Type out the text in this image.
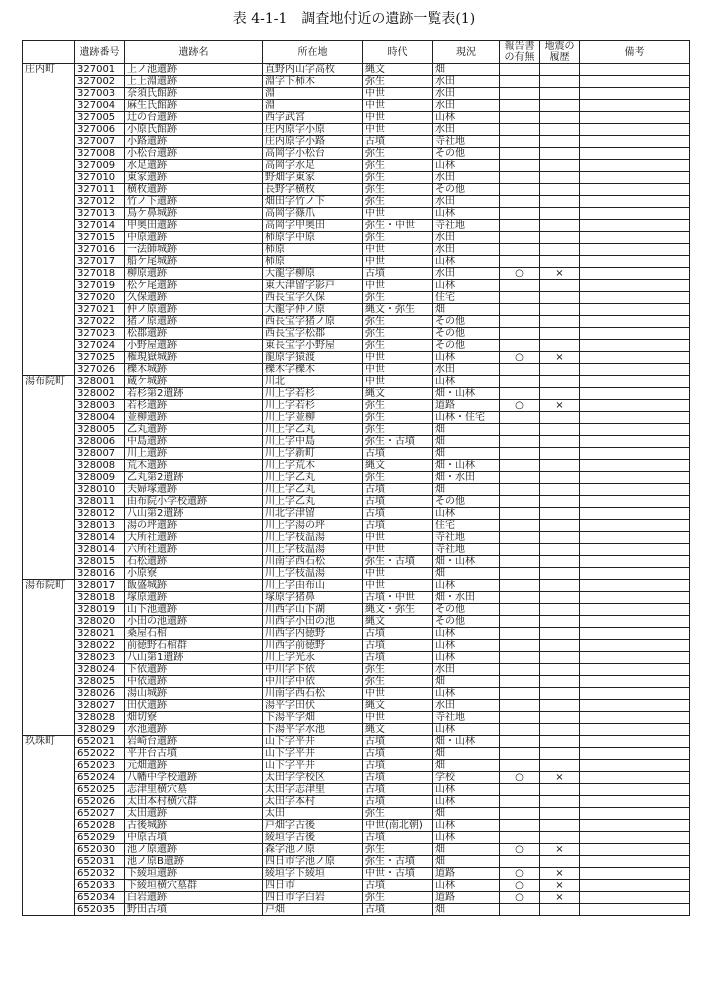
表 4-1-1　調査地付近の遺跡一覧表(1)
	遺跡番号	遺跡名	所在地	時代	現況	報告書の有無	地震の履歴	備考
庄内町	327001	上ノ池遺跡	直野内山字高枚	縄文	畑			
	327002	上上淵遺跡	淵字下柿木	弥生	水田			
	327003	奈須氏館跡	淵	中世	水田			
	327004	麻生氏館跡	淵	中世	水田			
	327005	辻の台遺跡	西字武宮	中世	山林			
	327006	小原氏館跡	庄内原字小原	中世	水田			
	327007	小路遺跡	庄内原字小路	古墳	寺社地			
	327008	小松台遺跡	高岡字小松台	弥生	その他			
	327009	水足遺跡	高岡字水足	弥生	山林			
	327010	東家遺跡	野畑字東家	弥生	水田			
	327011	横枚遺跡	長野字横枚	弥生	その他			
	327012	竹ノ下遺跡	畑田字竹ノ下	弥生	水田			
	327013	鳥ケ鼻城跡	高岡字篠爪	中世	山林			
	327014	甲奥田遺跡	高岡字甲奥田	弥生・中世	寺社地			
	327015	中原遺跡	柿原字中原	弥生	水田			
	327016	一法師城跡	柿原	中世	水田			
	327017	船ケ尾城跡	柿原	中世	山林			
	327018	柳原遺跡	大龍字柳原	古墳	水田	○	×	
	327019	松ケ尾遺跡	東大津留字影戸	中世	山林			
	327020	久保遺跡	西長宝字久保	弥生	住宅			
	327021	仲ノ原遺跡	大龍字仲ノ原	縄文・弥生	畑			
	327022	猪ノ原遺跡	西長宝字猪ノ原	弥生	その他			
	327023	松郡遺跡	西長宝字松郡	弥生	その他			
	327024	小野屋遺跡	東長宝字小野屋	弥生	その他			
	327025	権現嶽城跡	龍原字猿渡	中世	山林	○	×	
	327026	櫟木城跡	櫟木字櫟木	中世	水田			
湯布院町	328001	蔵ケ城跡	川北	中世	山林			
	328002	若杉第2遺跡	川上字若杉	縄文	畑・山林			
	328003	若杉遺跡	川上字若杉	弥生	道路	○	×	
	328004	並柳遺跡	川上字並柳	弥生	山林・住宅			
	328005	乙丸遺跡	川上字乙丸	弥生	畑			
	328006	中島遺跡	川上字中島	弥生・古墳	畑			
	328007	川上遺跡	川上字新町	古墳	畑			
	328008	荒木遺跡	川上字荒木	縄文	畑・山林			
	328009	乙丸第2遺跡	川上字乙丸	弥生	畑・水田			
	328010	夫婦塚遺跡	川上字乙丸	古墳	畑			
	328011	由布院小学校遺跡	川上字乙丸	古墳	その他			
	328012	八山第2遺跡	川北字津留	古墳	山林			
	328013	湯の坪遺跡	川上字湯の坪	古墳	住宅			
	328014	大所社遺跡	川上字枝温湯	中世	寺社地			
	328014	六所社遺跡	川上字枝温湯	中世	寺社地			
	328015	石松遺跡	川南字西石松	弥生・古墳	畑・山林			
	328016	小原寮	川上字枝温湯	中世	畑			
湯布院町	328017	飯盛城跡	川上字由布山	中世	山林			
	328018	塚原遺跡	塚原字猪鼻	古墳・中世	畑・水田			
	328019	山下池遺跡	川西字山下湖	縄文・弥生	その他			
	328020	小田の池遺跡	川西字小田の池	縄文	その他			
	328021	桑屋石棺	川西字内徳野	古墳	山林			
	328022	前徳野石棺群	川西字前徳野	古墳	山林			
	328023	八山第1遺跡	川上字光永	古墳	山林			
	328024	下依遺跡	中川字下依	弥生	水田			
	328025	中依遺跡	中川字中依	弥生	畑			
	328026	湯山城跡	川南字西石松	中世	山林			
	328027	田伏遺跡	湯平字田伏	縄文	水田			
	328028	畑切寮	下湯平字畑	中世	寺社地			
	328029	水池遺跡	下湯平字水池	縄文	山林			
玖珠町	652021	岩崎台遺跡	山下字平井	古墳	畑・山林			
	652022	平井台古墳	山下字平井	古墳	畑			
	652023	元畑遺跡	山下字平井	古墳	畑			
	652024	八幡中学校遺跡	太田字学校区	古墳	学校	○	×	
	652025	志津里横穴墓	太田字志津里	古墳	山林			
	652026	太田本村横穴群	太田字本村	古墳	山林			
	652027	太田遺跡	太田	弥生	畑			
	652028	古後城跡	戸畑字古後	中世(南北朝)	山林			
	652029	中原古墳	綾垣字古後	古墳	山林			
	652030	池ノ原遺跡	森字池ノ原	弥生	畑	○	×	
	652031	池ノ原B遺跡	四日市字池ノ原	弥生・古墳	畑			
	652032	下綾垣遺跡	綾垣字下綾垣	中世・古墳	道路	○	×	
	652033	下綾垣横穴墓群	四日市	古墳	山林	○	×	
	652034	白岩遺跡	四日市字白岩	弥生	道路	○	×	
	652035	野田古墳	戸畑	古墳	畑			
